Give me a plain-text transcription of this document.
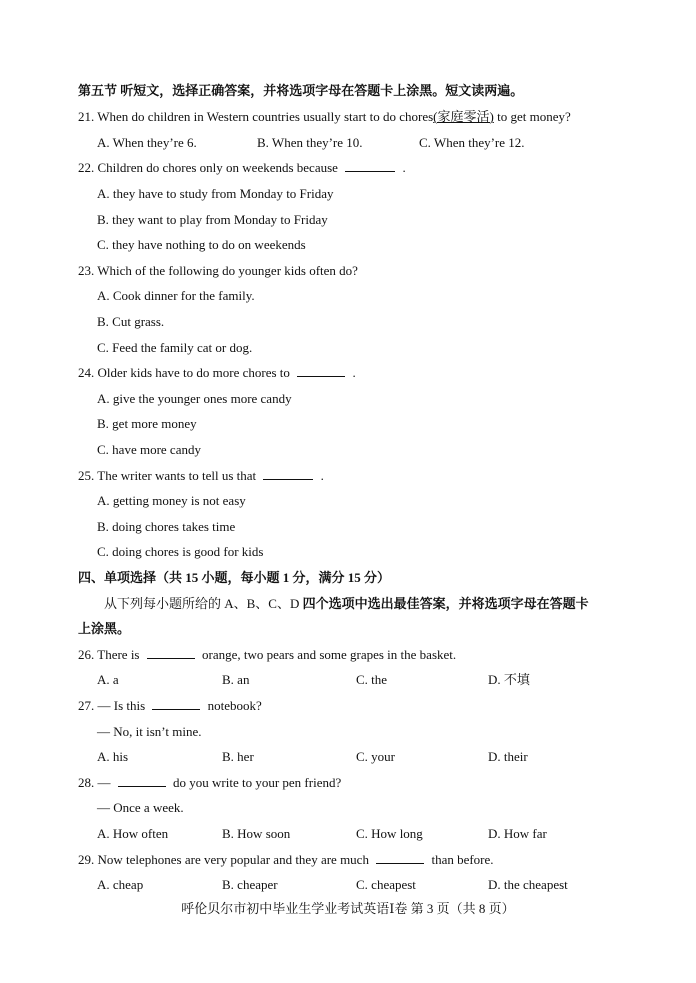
第五节 听短文，选择正确答案，并将选项字母在答题卡上涂黑。短文读两遍。
21. When do children in Western countries usually start to do chores(家庭零活) to get money?
A. When they’re 6.	B. When they’re 10.	C. When they’re 12.
22. Children do chores only on weekends because	.
A. they have to study from Monday to Friday
B. they want to play from Monday to Friday
C. they have nothing to do on weekends
23. Which of the following do younger kids often do?
A. Cook dinner for the family.
B. Cut grass.
C. Feed the family cat or dog.
24. Older kids have to do more chores to	.
A. give the younger ones more candy
B. get more money
C. have more candy
25. The writer wants to tell us that	.
A. getting money is not easy
B. doing chores takes time
C. doing chores is good for kids
四、单项选择（共 15 小题，每小题 1 分，满分 15 分）
从下列每小题所给的 A、B、C、D 四个选项中选出最佳答案，并将选项字母在答题卡
上涂黑。
26. There is	orange, two pears and some grapes in the basket.
A. a	B. an	C. the	D. 不填
27. — Is this	notebook?
— No, it isn’t mine.
A. his	B. her	C. your	D. their
28. —	do you write to your pen friend?
— Once a week.
A. How often	B. How soon	C. How long	D. How far
29. Now telephones are very popular and they are much	than before.
A. cheap	B. cheaper	C. cheapest	D. the cheapest
呼伦贝尔市初中毕业生学业考试英语Ⅰ卷 第 3 页（共 8 页）
